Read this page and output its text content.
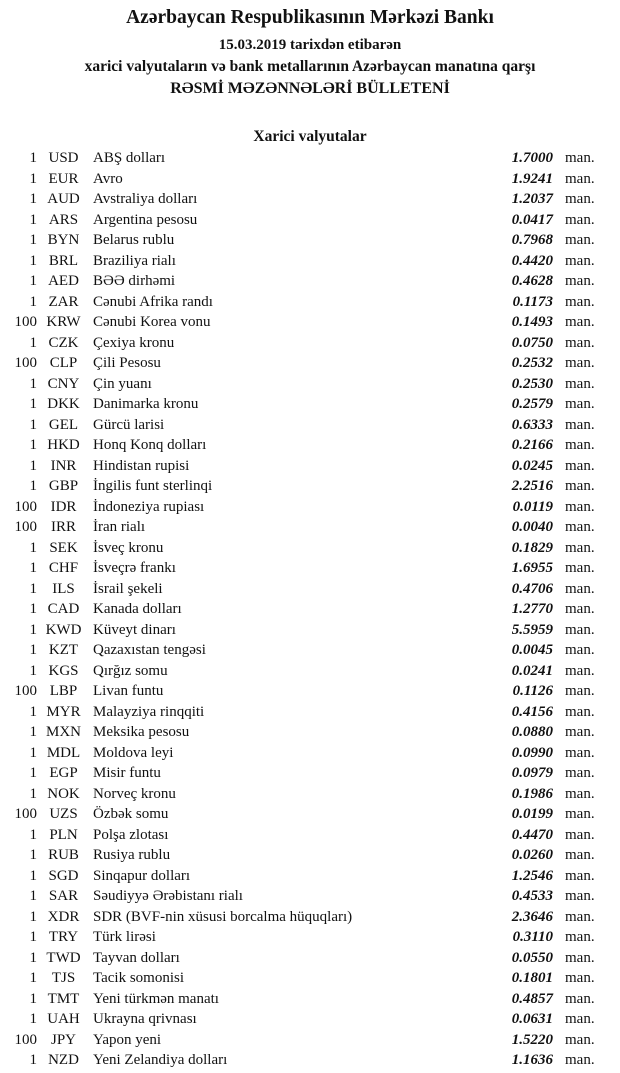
Azərbaycan Respublikasının Mərkəzi Bankı
15.03.2019 tarixdən etibarən
xarici valyutaların və bank metallarının Azərbaycan manatına qarşı
RƏSMİ MƏZƏNNƏLƏRİ BÜLLETENİ
Xarici valyutalar
1 USD ABŞ dolları	1.7000 man.
1 EUR Avro	1.9241 man.
1 AUD Avstraliya dolları	1.2037 man.
1 ARS Argentina pesosu	0.0417 man.
1 BYN Belarus rublu	0.7968 man.
1 BRL Braziliya rialı	0.4420 man.
1 AED BƏƏ dirhəmi	0.4628 man.
1 ZAR Cənubi Afrika randı	0.1173 man.
100 KRW Cənubi Korea vonu	0.1493 man.
1 CZK Çexiya kronu	0.0750 man.
100 CLP	Çili Pesosu	0.2532 man.
1 CNY Çin yuanı	0.2530 man.
1 DKK Danimarka kronu	0.2579 man.
1 GEL Gürcü larisi	0.6333 man.
1 HKD Honq Konq dolları	0.2166 man.
1 INR	Hindistan rupisi	0.0245 man.
1 GBP İngilis funt sterlinqi	2.2516 man.
100 IDR	İndoneziya rupiası	0.0119 man.
100 IRR	İran rialı	0.0040 man.
1 SEK	İsveç kronu	0.1829 man.
1 CHF İsveçrə frankı	1.6955 man.
1	ILS	İsrail şekeli	0.4706 man.
1 CAD Kanada dolları	1.2770 man.
1 KWD Küveyt dinarı	5.5959 man.
1 KZT Qazaxıstan tengəsi	0.0045 man.
1 KGS Qırğız somu	0.0241 man.
100 LBP	Livan funtu	0.1126 man.
1 MYR Malayziya rinqqiti	0.4156 man.
1 MXN Meksika pesosu	0.0880 man.
1 MDL Moldova leyi	0.0990 man.
1 EGP	Misir funtu	0.0979 man.
1 NOK Norveç kronu	0.1986 man.
100 UZS	Özbək somu	0.0199 man.
1 PLN	Polşa zlotası	0.4470 man.
1 RUB Rusiya rublu	0.0260 man.
1 SGD Sinqapur dolları	1.2546 man.
1 SAR Səudiyyə Ərəbistanı rialı	0.4533 man.
1 XDR SDR (BVF-nin xüsusi borcalma hüquqları)	2.3646 man.
1 TRY Türk lirəsi	0.3110 man.
1 TWD Tayvan dolları	0.0550 man.
1 TJS	Tacik somonisi	0.1801 man.
1 TMT Yeni türkmən manatı	0.4857 man.
1 UAH Ukrayna qrivnası	0.0631 man.
100 JPY	Yapon yeni	1.5220 man.
1 NZD Yeni Zelandiya dolları	1.1636 man.
